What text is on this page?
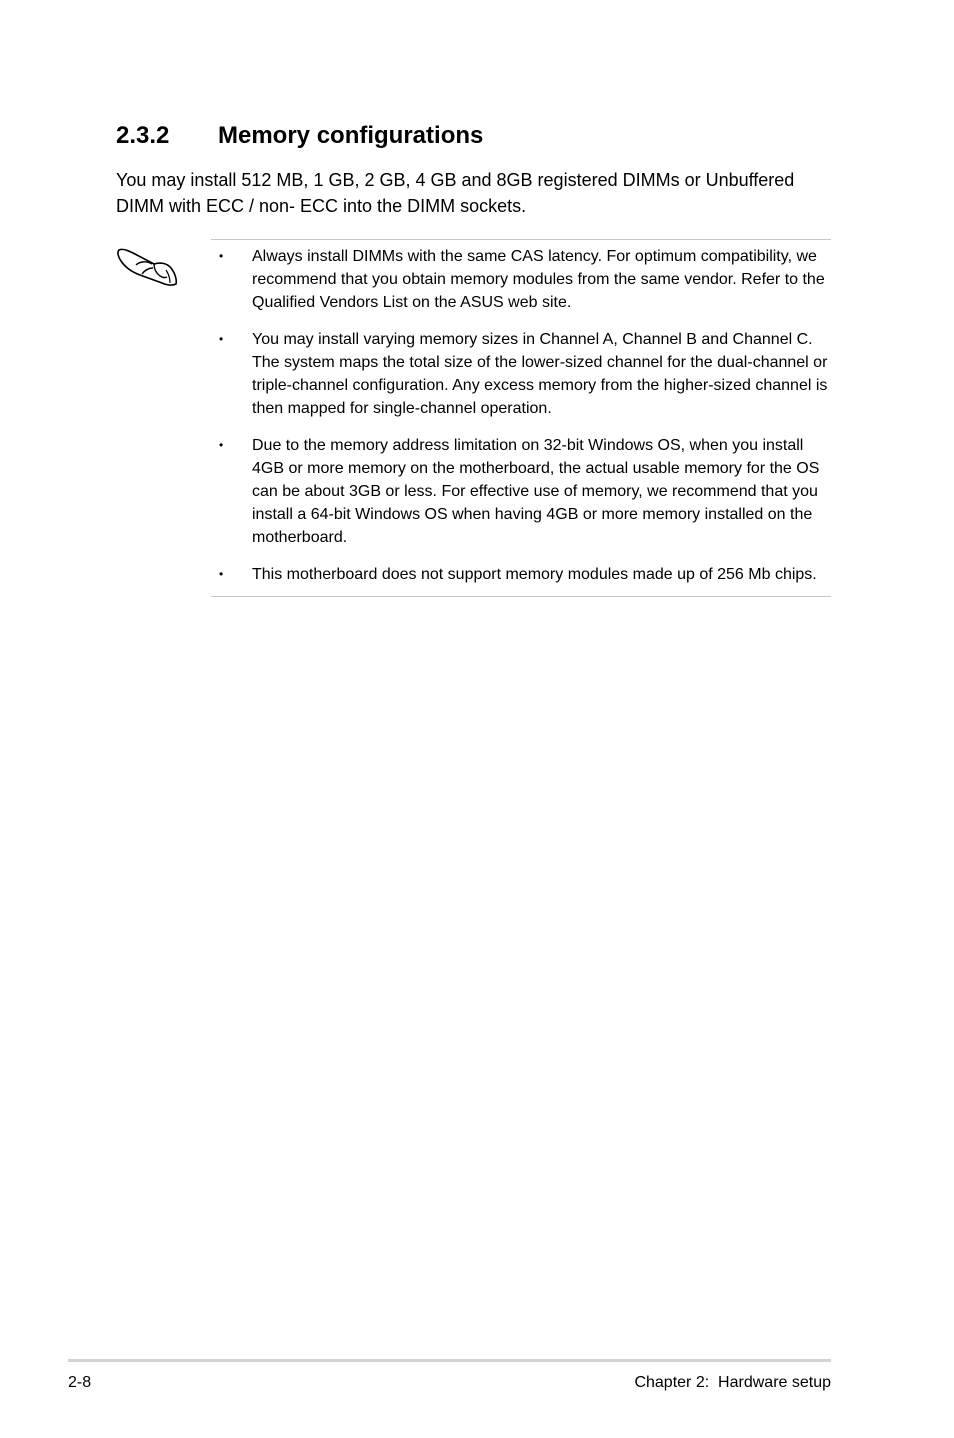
2.3.2 Memory configurations

You may install 512 MB, 1 GB, 2 GB, 4 GB and 8GB registered DIMMs or Unbuffered DIMM with ECC / non- ECC into the DIMM sockets.

• Always install DIMMs with the same CAS latency. For optimum compatibility, we recommend that you obtain memory modules from the same vendor. Refer to the Qualified Vendors List on the ASUS web site.
• You may install varying memory sizes in Channel A, Channel B and Channel C. The system maps the total size of the lower-sized channel for the dual-channel or triple-channel configuration. Any excess memory from the higher-sized channel is then mapped for single-channel operation.
• Due to the memory address limitation on 32-bit Windows OS, when you install 4GB or more memory on the motherboard, the actual usable memory for the OS can be about 3GB or less. For effective use of memory, we recommend that you install a 64-bit Windows OS when having 4GB or more memory installed on the motherboard.
• This motherboard does not support memory modules made up of 256 Mb chips.
2-8	Chapter 2:  Hardware setup
